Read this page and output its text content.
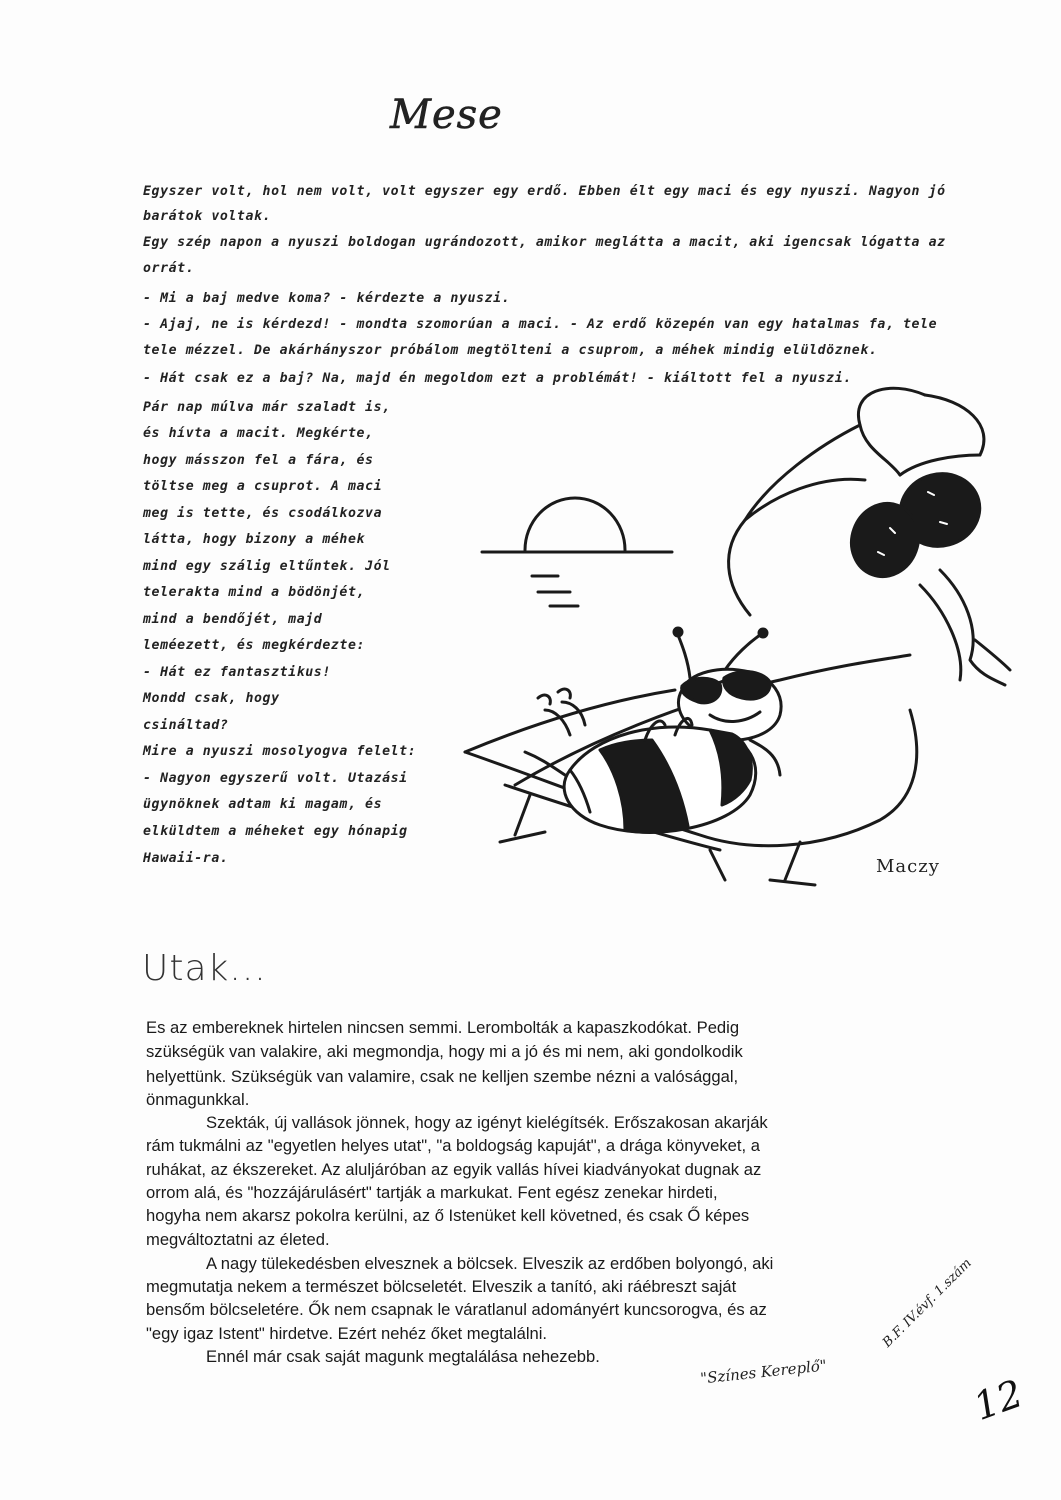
Mese
Egyszer volt, hol nem volt, volt egyszer egy erdő. Ebben élt egy maci és egy nyuszi. Nagyon jó
barátok voltak.
Egy szép napon a nyuszi boldogan ugrándozott, amikor meglátta a macit, aki igencsak lógatta az
orrát.
- Mi a baj medve koma? - kérdezte a nyuszi.
- Ajaj, ne is kérdezd! - mondta szomorúan a maci. - Az erdő közepén van egy hatalmas fa, tele
tele mézzel. De akárhányszor próbálom megtölteni a csuprom, a méhek mindig elüldöznek.
- Hát csak ez a baj? Na, majd én megoldom ezt a problémát! - kiáltott fel a nyuszi.
Pár nap múlva már szaladt is,
és hívta a macit. Megkérte,
hogy másszon fel a fára, és
töltse meg a csuprot. A maci
meg is tette, és csodálkozva
látta, hogy bizony a méhek
mind egy szálig eltűntek. Jól
telerakta mind a bödönjét,
mind a bendőjét, majd
leméezett, és megkérdezte:
- Hát ez fantasztikus!
Mondd csak, hogy
csináltad?
Mire a nyuszi mosolyogva felelt:
- Nagyon egyszerű volt. Utazási
ügynöknek adtam ki magam, és
elküldtem a méheket egy hónapig
Hawaii-ra.	Maczy
Utak...
Es az embereknek hirtelen nincsen semmi. Lerombolták a kapaszkodókat. Pedig
szükségük van valakire, aki megmondja, hogy mi a jó és mi nem, aki gondolkodik
helyettünk. Szükségük van valamire, csak ne kelljen szembe nézni a valósággal,
önmagunkkal.
Szekták, új vallások jönnek, hogy az igényt kielégítsék. Erőszakosan akarják
rám tukmálni az "egyetlen helyes utat", "a boldogság kapuját", a drága könyveket, a
ruhákat, az ékszereket. Az aluljáróban az egyik vallás hívei kiadványokat dugnak az
orrom alá, és "hozzájárulásért" tartják a markukat. Fent egész zenekar hirdeti,
hogyha nem akarsz pokolra kerülni, az ő Istenüket kell követned, és csak Ő képes
megváltoztatni az életed.
A nagy tülekedésben elvesznek a bölcsek. Elveszik az erdőben bolyongó, aki
megmutatja nekem a természet bölcseletét. Elveszik a tanító, aki ráébreszt saját
bensőm bölcseletére. Ők nem csapnak le váratlanul adományért kuncsorogva, és az
"egy igaz Istent" hirdetve. Ezért nehéz őket megtalálni.
Ennél már csak saját magunk megtalálása nehezebb.	"Színes Kereplő"
B.F. IV.évf. 1.szám
12
